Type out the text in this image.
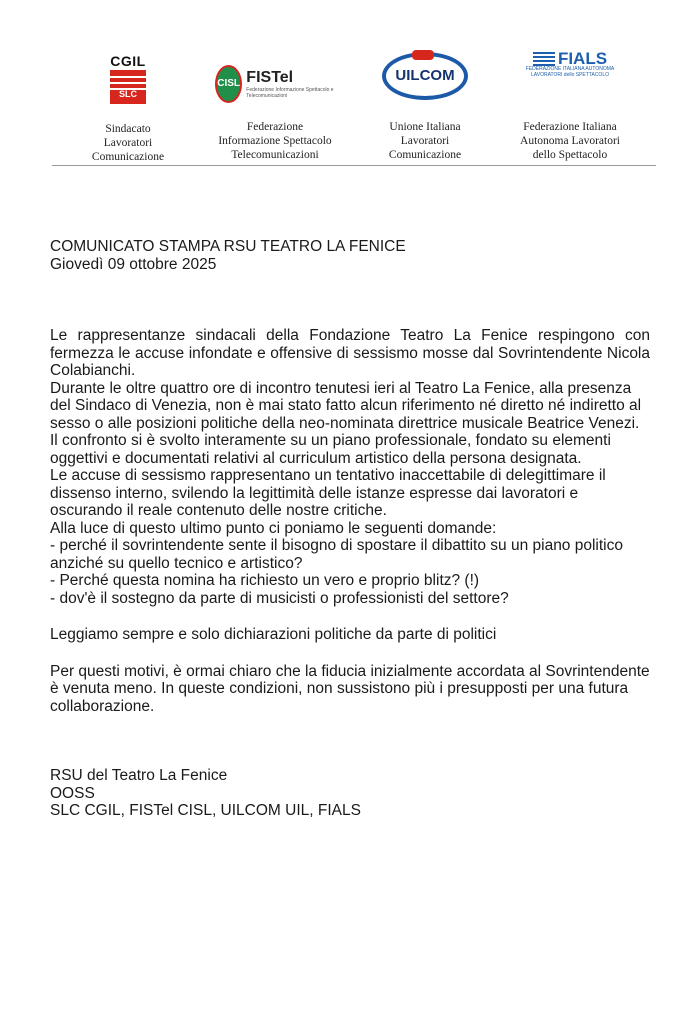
CGIL
SLC
Sindacato
Lavoratori
Comunicazione
CISL FISTel
Federazione Informazione Spettacolo e Telecomunicazioni
Federazione
Informazione Spettacolo
Telecomunicazioni
UILCOM
Unione Italiana
Lavoratori
Comunicazione
FIALS
FEDERAZIONE ITALIANA AUTONOMA LAVORATORI dello SPETTACOLO
Federazione Italiana
Autonoma Lavoratori
dello Spettacolo

COMUNICATO STAMPA RSU TEATRO LA FENICE

Giovedì 09 ottobre 2025

Le rappresentanze sindacali della Fondazione Teatro La Fenice respingono con fermezza le accuse infondate e offensive di sessismo mosse dal Sovrintendente Nicola Colabianchi.

Durante le oltre quattro ore di incontro tenutesi ieri al Teatro La Fenice, alla presenza del Sindaco di Venezia, non è mai stato fatto alcun riferimento né diretto né indiretto al sesso o alle posizioni politiche della neo-nominata direttrice musicale Beatrice Venezi.

Il confronto si è svolto interamente su un piano professionale, fondato su elementi oggettivi e documentati relativi al curriculum artistico della persona designata.

Le accuse di sessismo rappresentano un tentativo inaccettabile di delegittimare il dissenso interno, svilendo la legittimità delle istanze espresse dai lavoratori e oscurando il reale contenuto delle nostre critiche.

Alla luce di questo ultimo punto ci poniamo le seguenti domande:

- perché il sovrintendente sente il bisogno di spostare il dibattito su un piano politico anziché su quello tecnico e artistico?

- Perché questa nomina ha richiesto un vero e proprio blitz? (!)

- dov'è il sostegno da parte di musicisti o professionisti del settore?

Leggiamo sempre e solo dichiarazioni politiche da parte di politici

Per questi motivi, è ormai chiaro che la fiducia inizialmente accordata al Sovrintendente è venuta meno. In queste condizioni, non sussistono più i presupposti per una futura collaborazione.

RSU del Teatro La Fenice

OOSS

SLC CGIL, FISTel CISL, UILCOM UIL, FIALS
